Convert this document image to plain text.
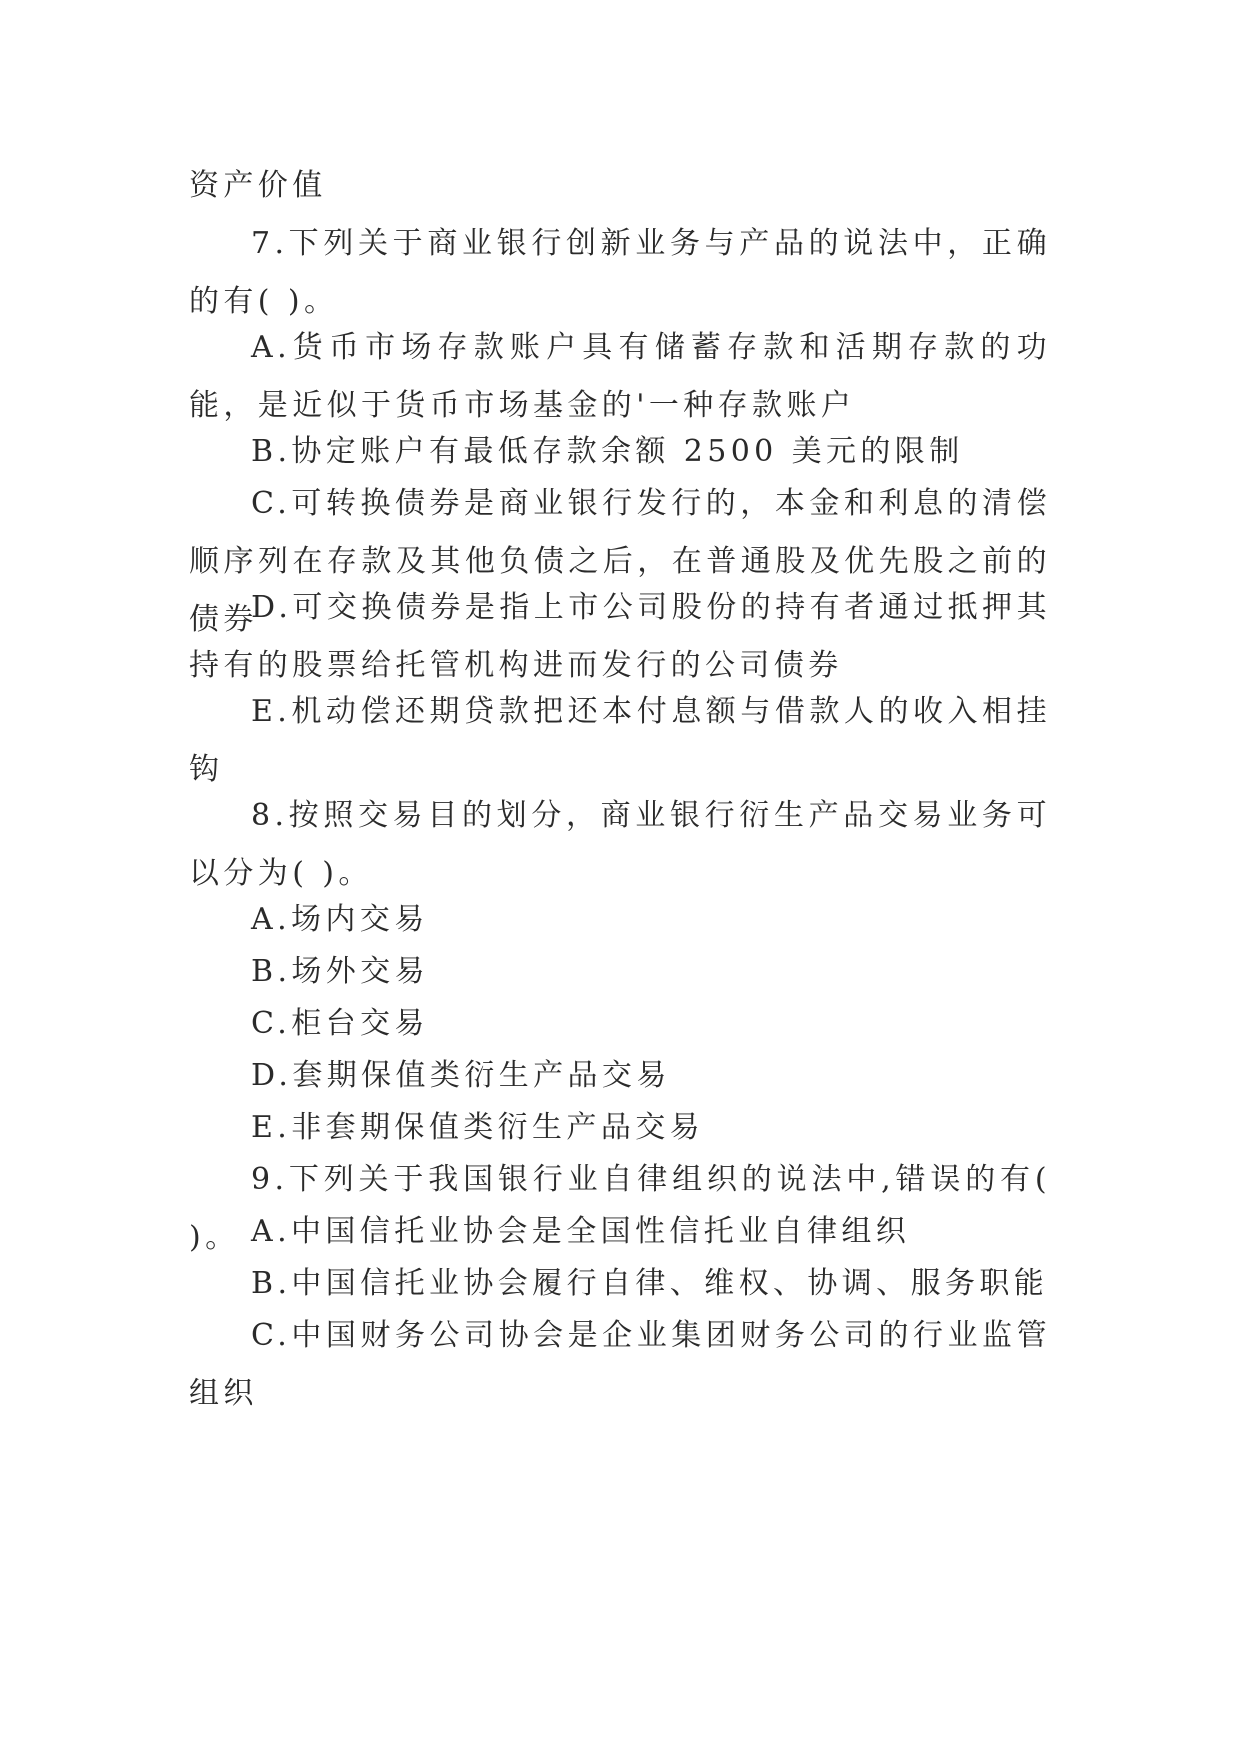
资产价值

7.下列关于商业银行创新业务与产品的说法中，正确的有( )。

A.货币市场存款账户具有储蓄存款和活期存款的功能，是近似于货币市场基金的'一种存款账户

B.协定账户有最低存款余额 2500 美元的限制

C.可转换债券是商业银行发行的，本金和利息的清偿顺序列在存款及其他负债之后，在普通股及优先股之前的债券

D.可交换债券是指上市公司股份的持有者通过抵押其持有的股票给托管机构进而发行的公司债券

E.机动偿还期贷款把还本付息额与借款人的收入相挂钩

8.按照交易目的划分，商业银行衍生产品交易业务可以分为( )。

A.场内交易

B.场外交易

C.柜台交易

D.套期保值类衍生产品交易

E.非套期保值类衍生产品交易

9.下列关于我国银行业自律组织的说法中,错误的有( )。 A.中国信托业协会是全国性信托业自律组织

B.中国信托业协会履行自律、维权、协调、服务职能

C.中国财务公司协会是企业集团财务公司的行业监管组织
